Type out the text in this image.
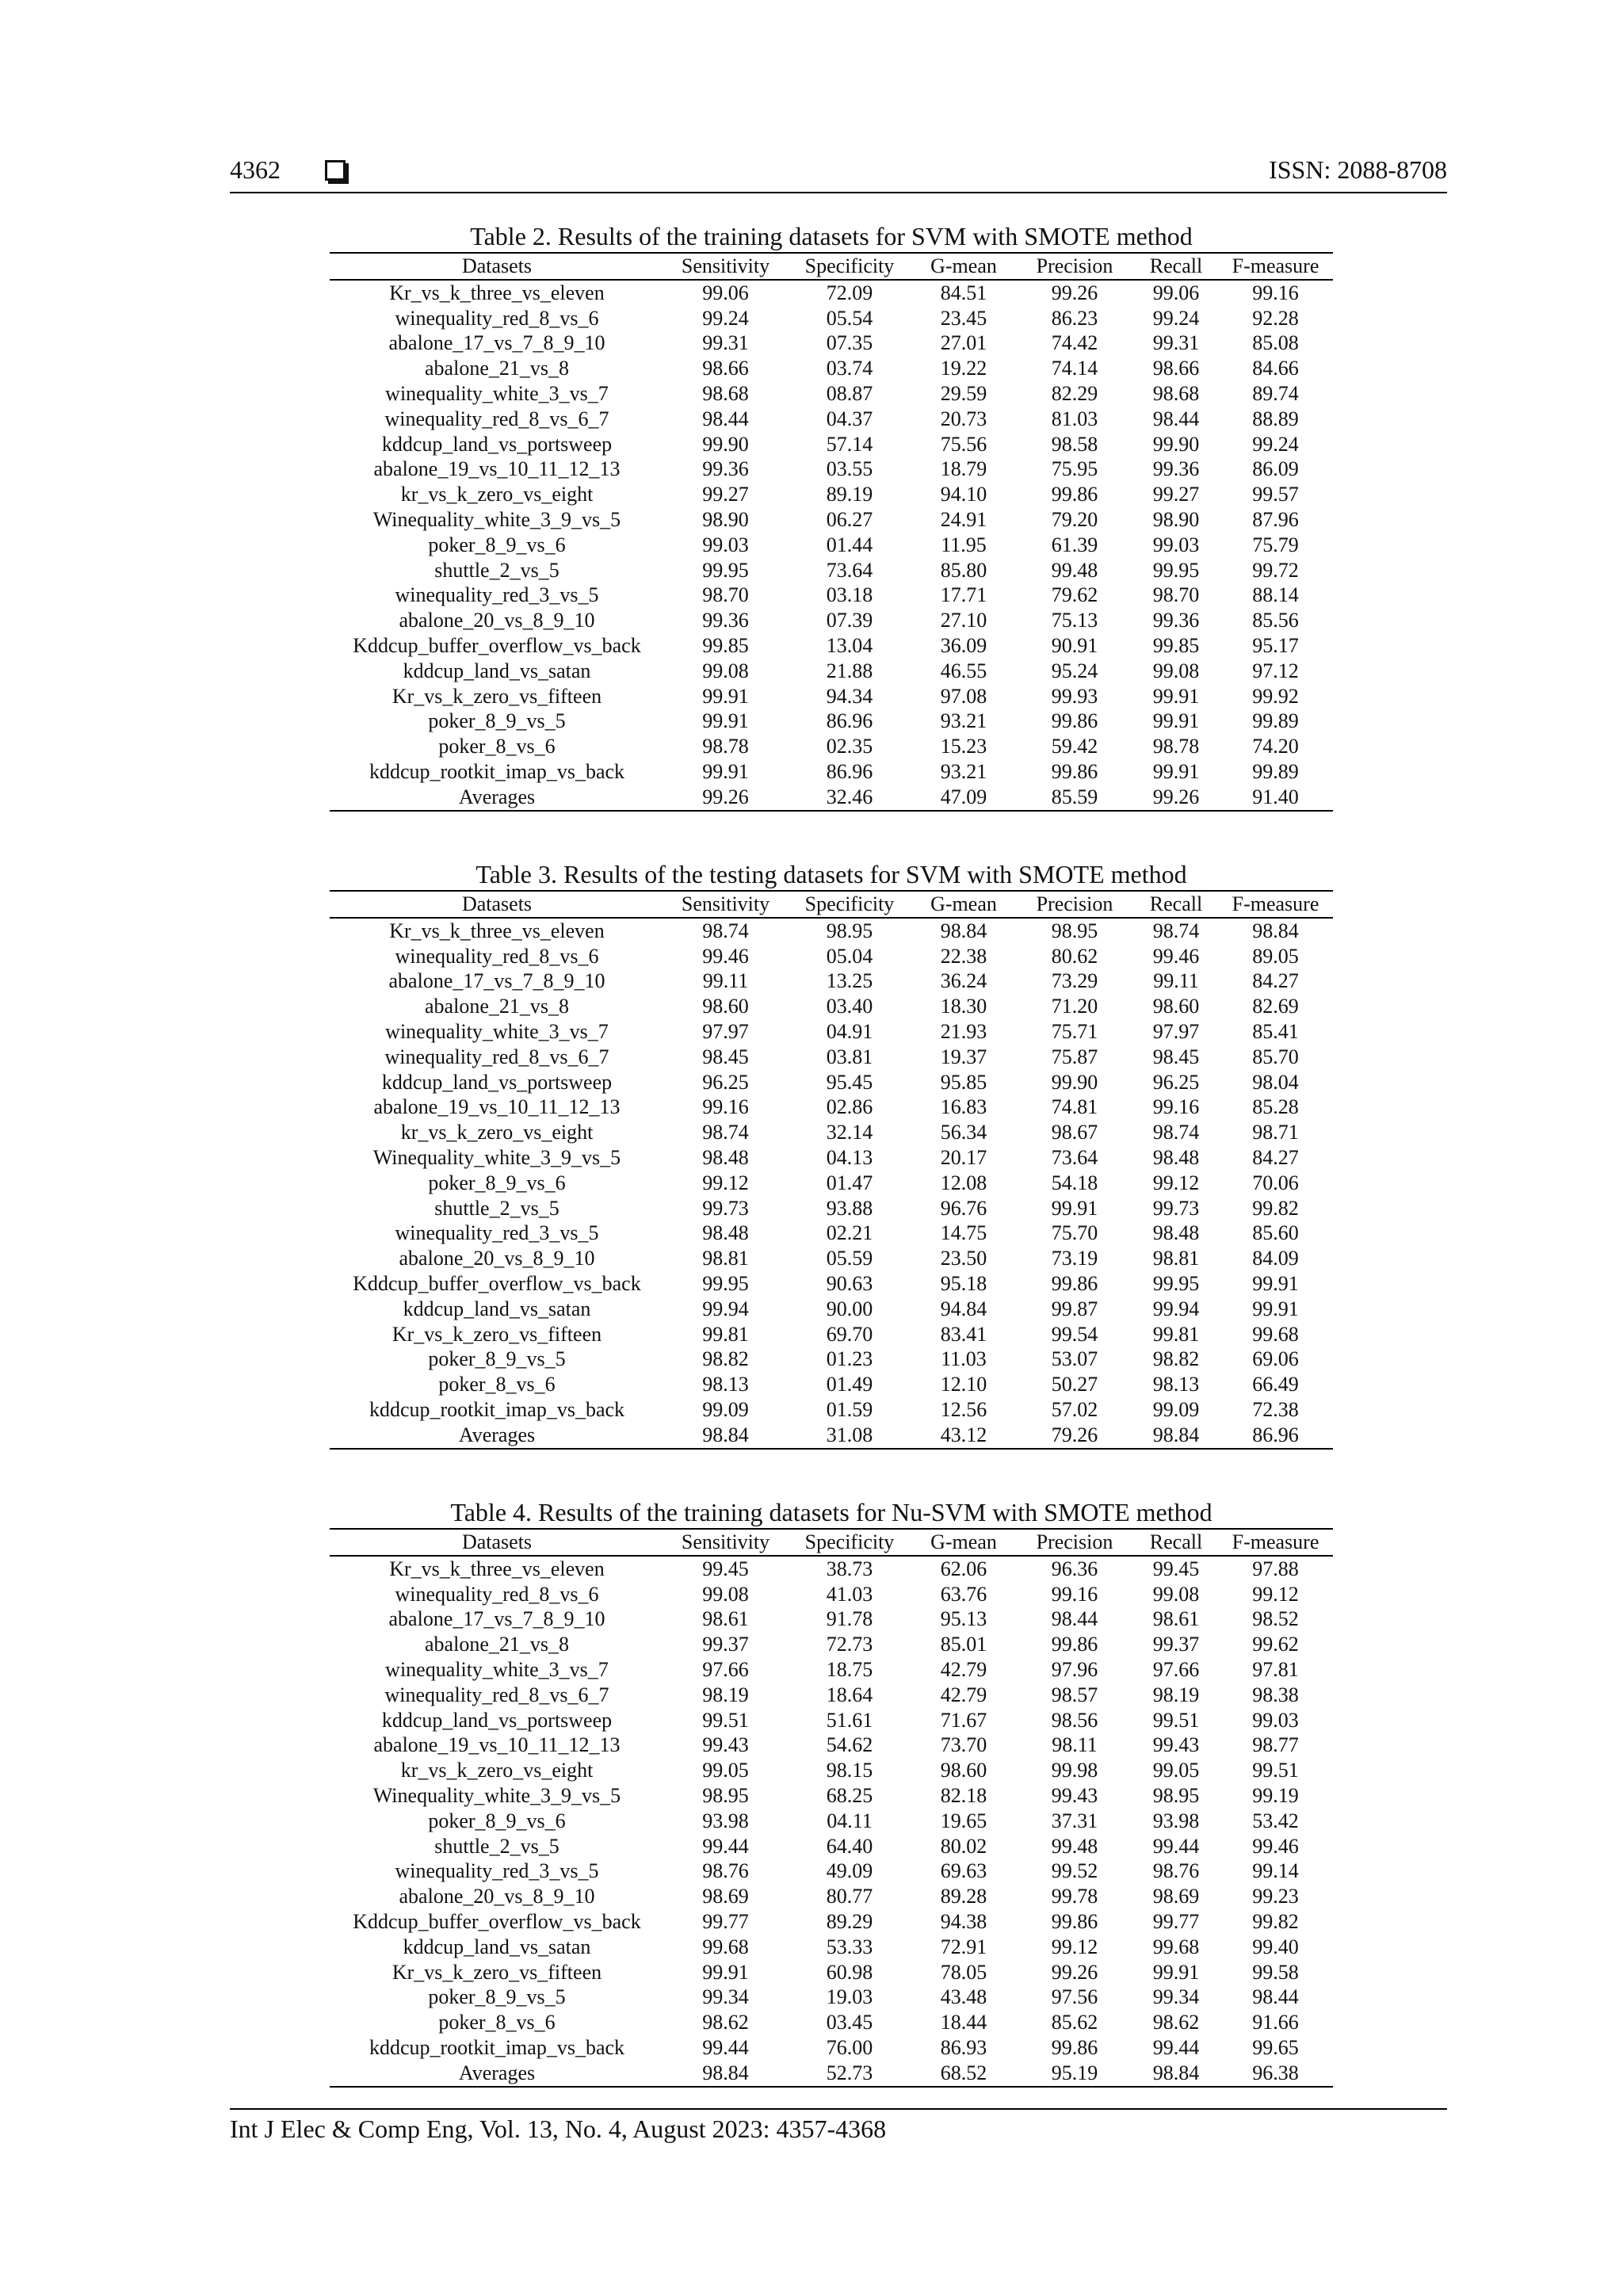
4362	ISSN: 2088-8708
Table 2. Results of the training datasets for SVM with SMOTE method
Datasets	Sensitivity	Specificity	G-mean	Precision	Recall	F-measure
Kr_vs_k_three_vs_eleven	99.06	72.09	84.51	99.26	99.06	99.16
winequality_red_8_vs_6	99.24	05.54	23.45	86.23	99.24	92.28
abalone_17_vs_7_8_9_10	99.31	07.35	27.01	74.42	99.31	85.08
abalone_21_vs_8	98.66	03.74	19.22	74.14	98.66	84.66
winequality_white_3_vs_7	98.68	08.87	29.59	82.29	98.68	89.74
winequality_red_8_vs_6_7	98.44	04.37	20.73	81.03	98.44	88.89
kddcup_land_vs_portsweep	99.90	57.14	75.56	98.58	99.90	99.24
abalone_19_vs_10_11_12_13	99.36	03.55	18.79	75.95	99.36	86.09
kr_vs_k_zero_vs_eight	99.27	89.19	94.10	99.86	99.27	99.57
Winequality_white_3_9_vs_5	98.90	06.27	24.91	79.20	98.90	87.96
poker_8_9_vs_6	99.03	01.44	11.95	61.39	99.03	75.79
shuttle_2_vs_5	99.95	73.64	85.80	99.48	99.95	99.72
winequality_red_3_vs_5	98.70	03.18	17.71	79.62	98.70	88.14
abalone_20_vs_8_9_10	99.36	07.39	27.10	75.13	99.36	85.56
Kddcup_buffer_overflow_vs_back	99.85	13.04	36.09	90.91	99.85	95.17
kddcup_land_vs_satan	99.08	21.88	46.55	95.24	99.08	97.12
Kr_vs_k_zero_vs_fifteen	99.91	94.34	97.08	99.93	99.91	99.92
poker_8_9_vs_5	99.91	86.96	93.21	99.86	99.91	99.89
poker_8_vs_6	98.78	02.35	15.23	59.42	98.78	74.20
kddcup_rootkit_imap_vs_back	99.91	86.96	93.21	99.86	99.91	99.89
Averages	99.26	32.46	47.09	85.59	99.26	91.40
Table 3. Results of the testing datasets for SVM with SMOTE method
Datasets	Sensitivity	Specificity	G-mean	Precision	Recall	F-measure
Kr_vs_k_three_vs_eleven	98.74	98.95	98.84	98.95	98.74	98.84
winequality_red_8_vs_6	99.46	05.04	22.38	80.62	99.46	89.05
abalone_17_vs_7_8_9_10	99.11	13.25	36.24	73.29	99.11	84.27
abalone_21_vs_8	98.60	03.40	18.30	71.20	98.60	82.69
winequality_white_3_vs_7	97.97	04.91	21.93	75.71	97.97	85.41
winequality_red_8_vs_6_7	98.45	03.81	19.37	75.87	98.45	85.70
kddcup_land_vs_portsweep	96.25	95.45	95.85	99.90	96.25	98.04
abalone_19_vs_10_11_12_13	99.16	02.86	16.83	74.81	99.16	85.28
kr_vs_k_zero_vs_eight	98.74	32.14	56.34	98.67	98.74	98.71
Winequality_white_3_9_vs_5	98.48	04.13	20.17	73.64	98.48	84.27
poker_8_9_vs_6	99.12	01.47	12.08	54.18	99.12	70.06
shuttle_2_vs_5	99.73	93.88	96.76	99.91	99.73	99.82
winequality_red_3_vs_5	98.48	02.21	14.75	75.70	98.48	85.60
abalone_20_vs_8_9_10	98.81	05.59	23.50	73.19	98.81	84.09
Kddcup_buffer_overflow_vs_back	99.95	90.63	95.18	99.86	99.95	99.91
kddcup_land_vs_satan	99.94	90.00	94.84	99.87	99.94	99.91
Kr_vs_k_zero_vs_fifteen	99.81	69.70	83.41	99.54	99.81	99.68
poker_8_9_vs_5	98.82	01.23	11.03	53.07	98.82	69.06
poker_8_vs_6	98.13	01.49	12.10	50.27	98.13	66.49
kddcup_rootkit_imap_vs_back	99.09	01.59	12.56	57.02	99.09	72.38
Averages	98.84	31.08	43.12	79.26	98.84	86.96
Table 4. Results of the training datasets for Nu-SVM with SMOTE method
Datasets	Sensitivity	Specificity	G-mean	Precision	Recall	F-measure
Kr_vs_k_three_vs_eleven	99.45	38.73	62.06	96.36	99.45	97.88
winequality_red_8_vs_6	99.08	41.03	63.76	99.16	99.08	99.12
abalone_17_vs_7_8_9_10	98.61	91.78	95.13	98.44	98.61	98.52
abalone_21_vs_8	99.37	72.73	85.01	99.86	99.37	99.62
winequality_white_3_vs_7	97.66	18.75	42.79	97.96	97.66	97.81
winequality_red_8_vs_6_7	98.19	18.64	42.79	98.57	98.19	98.38
kddcup_land_vs_portsweep	99.51	51.61	71.67	98.56	99.51	99.03
abalone_19_vs_10_11_12_13	99.43	54.62	73.70	98.11	99.43	98.77
kr_vs_k_zero_vs_eight	99.05	98.15	98.60	99.98	99.05	99.51
Winequality_white_3_9_vs_5	98.95	68.25	82.18	99.43	98.95	99.19
poker_8_9_vs_6	93.98	04.11	19.65	37.31	93.98	53.42
shuttle_2_vs_5	99.44	64.40	80.02	99.48	99.44	99.46
winequality_red_3_vs_5	98.76	49.09	69.63	99.52	98.76	99.14
abalone_20_vs_8_9_10	98.69	80.77	89.28	99.78	98.69	99.23
Kddcup_buffer_overflow_vs_back	99.77	89.29	94.38	99.86	99.77	99.82
kddcup_land_vs_satan	99.68	53.33	72.91	99.12	99.68	99.40
Kr_vs_k_zero_vs_fifteen	99.91	60.98	78.05	99.26	99.91	99.58
poker_8_9_vs_5	99.34	19.03	43.48	97.56	99.34	98.44
poker_8_vs_6	98.62	03.45	18.44	85.62	98.62	91.66
kddcup_rootkit_imap_vs_back	99.44	76.00	86.93	99.86	99.44	99.65
Averages	98.84	52.73	68.52	95.19	98.84	96.38
Int J Elec & Comp Eng, Vol. 13, No. 4, August 2023: 4357-4368
